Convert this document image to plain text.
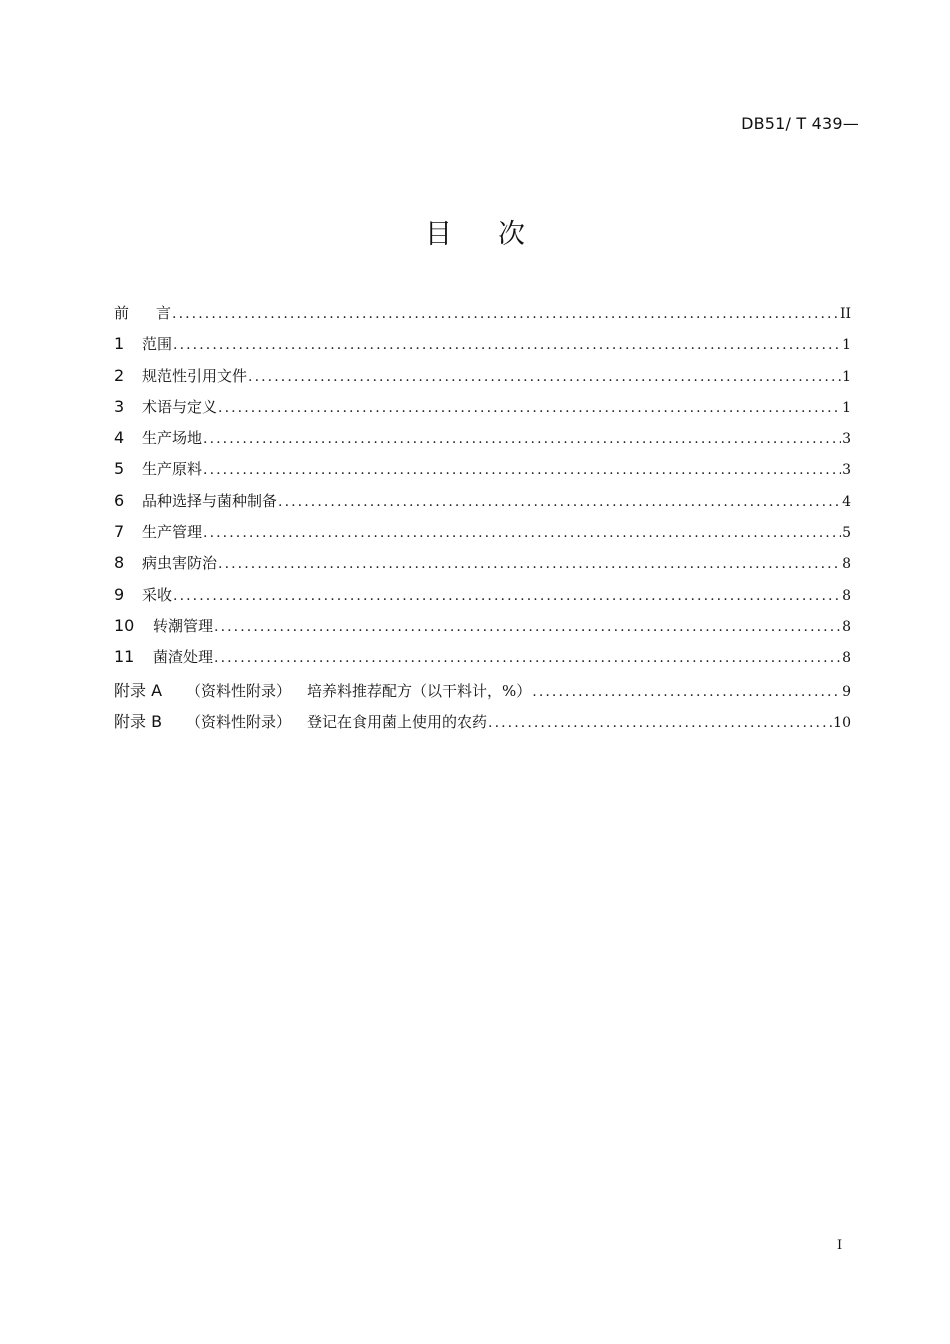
DB51/ T 439—
目 次
前 言 .....	II
1	范围 .....	1
2	规范性引用文件 .....	1
3	术语与定义 .....	1
4	生产场地 .....	3
5	生产原料 .....	3
6	品种选择与菌种制备 .....	4
7	生产管理 .....	5
8	病虫害防治 .....	8
9	采收 .....	8
10	转潮管理 .....	8
11	菌渣处理 .....	8
附录 A	（资料性附录） 培养料推荐配方（以干料计，%） .....	9
附录 B	（资料性附录） 登记在食用菌上使用的农药 .....	10
I
